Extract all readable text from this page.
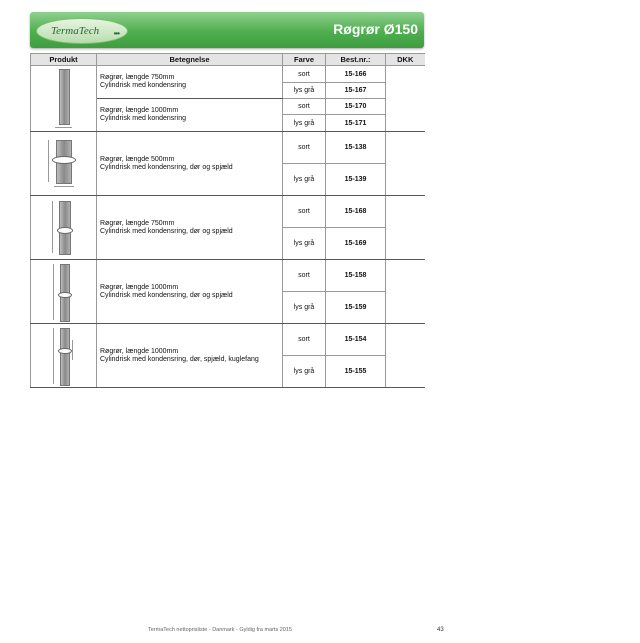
TermaTech •••	Røgrør Ø150
Produkt	Betegnelse	Farve	Best.nr.:	DKK

	Røgrør, længde 750mm
Cylindrisk med kondensring	sort	15-166	
		lys grå	15-167	

	Røgrør, længde 1000mm
Cylindrisk med kondensring	sort	15-170	
		lys grå	15-171	

	Røgrør, længde 500mm
Cylindrisk med kondensring, dør og spjæld	sort	15-138	
		lys grå	15-139	

	Røgrør, længde 750mm
Cylindrisk med kondensring, dør og spjæld	sort	15-168	
		lys grå	15-169	

	Røgrør, længde 1000mm
Cylindrisk med kondensring, dør og spjæld	sort	15-158	
		lys grå	15-159	

	Røgrør, længde 1000mm
Cylindrisk med kondensring, dør, spjæld, kuglefang	sort	15-154	
		lys grå	15-155	
TermaTech nettoprisliste - Danmark - Gyldig fra marts 2015	43
